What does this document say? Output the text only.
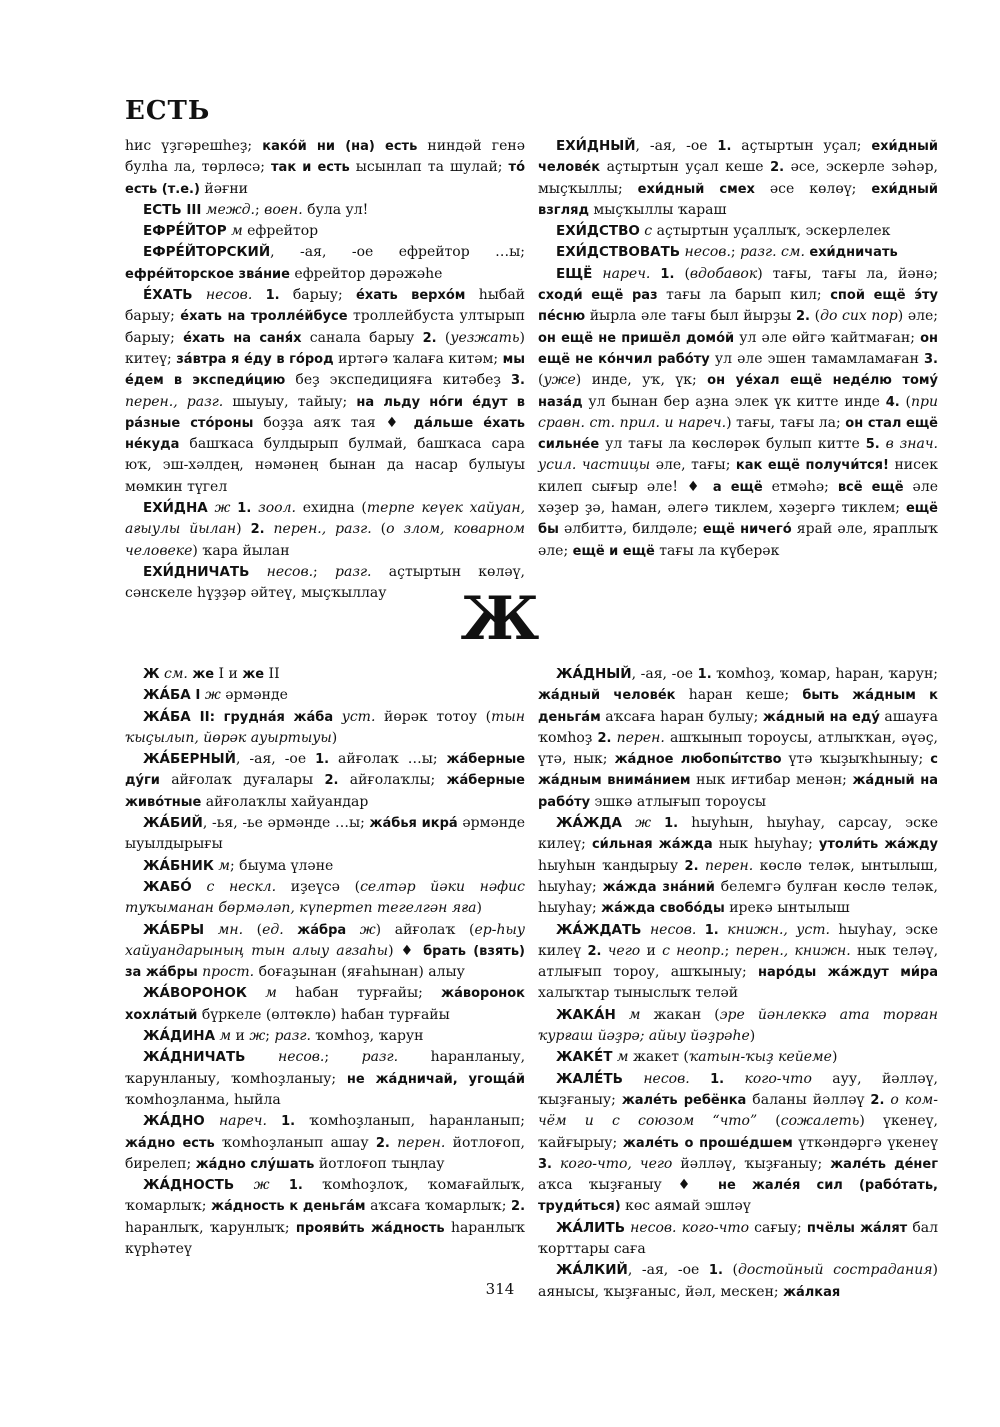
ЕСТЬ

һис үҙгәрешһеҙ; како́й ни (на) есть ниндәй генә булһа ла, төрлөсә; так и есть ысынлап та шулай; то́ есть (т.е.) йәғни

ЕСТЬ III межд.; воен. була ул!

ЕФРЕ́ЙТОР м ефрейтор

ЕФРЕ́ЙТОРСКИЙ, -ая, -ое ефрейтор …ы; ефре́йторское зва́ние ефрейтор дәрәжәһе

Е́ХАТЬ несов. 1. барыу; е́хать верхо́м һыбай барыу; е́хать на тролле́йбусе троллейбуста ултырып барыу; е́хать на саня́х санала барыу 2. (уезжать) китеү; за́втра я е́ду в го́род иртәгә ҡалаға китәм; мы е́дем в экспеди́цию беҙ экспедицияға китәбеҙ 3. перен., разг. шыуыу, тайыу; на льду но́ги е́дут в ра́зные сто́роны боҙҙа аяҡ тая ♦ да́льше е́хать не́куда башҡаса булдырып булмай, башҡаса сара юҡ, эш-хәлдең, нәмәнең бынан да насар булыуы мөмкин түгел

ЕХИ́ДНА ж 1. зоол. ехидна (терпе кеүек хайуан, ағыулы йылан) 2. перен., разг. (о злом, коварном человеке) ҡара йылан

ЕХИ́ДНИЧАТЬ несов.; разг. аҫтыртын көләү, сәнскеле һүҙҙәр әйтеү, мыҫҡыллау

ЕХИ́ДНЫЙ, -ая, -ое 1. аҫтыртын уҫал; ехи́дный челове́к аҫтыртын уҫал кеше 2. әсе, эскерле зәһәр, мыҫҡыллы; ехи́дный смех әсе көлөү; ехи́дный взгляд мыҫҡыллы ҡараш

ЕХИ́ДСТВО с аҫтыртын уҫаллыҡ, эскерлелек

ЕХИ́ДСТВОВАТЬ несов.; разг. см. ехи́дничать

ЕЩЁ нареч. 1. (вдобавок) тағы, тағы ла, йәнә; сходи́ ещё раз тағы ла барып кил; спой ещё э́ту пе́сню йырла әле тағы был йырҙы 2. (до сих пор) әле; он ещё не пришёл домо́й ул әле өйгә ҡайтмаған; он ещё не ко́нчил рабо́ту ул әле эшен тамамламаған 3. (уже) инде, уҡ, үк; он уе́хал ещё неде́лю тому́ наза́д ул бынан бер аҙна элек үк китте инде 4. (при сравн. ст. прил. и нареч.) тағы, тағы ла; он стал ещё сильне́е ул тағы ла көслөрәк булып китте 5. в знач. усил. частицы әле, тағы; как ещё получи́тся! нисек килеп сығыр әле! ♦ а ещё етмәһә; всё ещё әле хәҙер ҙә, һаман, әлегә тиклем, хәҙергә тиклем; ещё бы әлбиттә, билдәле; ещё ничего́ ярай әле, яраплыҡ әле; ещё и ещё тағы ла күберәк

Ж

Ж см. же I и же II

ЖА́БА I ж әрмәнде

ЖА́БА II: грудна́я жа́ба уст. йөрәк тотоу (тын ҡыҫылып, йөрәк ауыртыуы)

ЖА́БЕРНЫЙ, -ая, -ое 1. айғолаҡ …ы; жа́берные ду́ги айғолаҡ дуғалары 2. айғолаҡлы; жа́берные живо́тные айғолаҡлы хайуандар

ЖА́БИЙ, -ья, -ье әрмәнде …ы; жа́бья икра́ әрмәнде ыуылдырығы

ЖА́БНИК м; быума үләне

ЖАБО́ с нескл. иҙеүсә (селтәр йәки нәфис туҡыманан бөрмәләп, күпертеп тегелгән яға)

ЖА́БРЫ мн. (ед. жа́бра ж) айғолаҡ (ер-һыу хайуандарының тын алыу ағзаһы) ♦ брать (взять) за жа́бры прост. боғаҙынан (яғаһынан) алыу

ЖА́ВОРОНОК м һабан турғайы; жа́воронок хохла́тый бүркеле (өлтөклө) һабан турғайы

ЖА́ДИНА м и ж; разг. ҡомһоҙ, ҡарун

ЖА́ДНИЧАТЬ несов.; разг. һаранланыу, ҡарунланыу, ҡомһоҙланыу; не жа́дничай, угоща́й ҡомһоҙланма, һыйла

ЖА́ДНО нареч. 1. ҡомһоҙланып, һаранланып; жа́дно есть ҡомһоҙланып ашау 2. перен. йотлоғоп, бирелеп; жа́дно слу́шать йотлоғоп тыңлау

ЖА́ДНОСТЬ ж 1. ҡомһоҙлоҡ, ҡомағайлыҡ, ҡомарлыҡ; жа́дность к деньга́м аҡсаға ҡомарлыҡ; 2. һаранлыҡ, ҡарунлыҡ; прояви́ть жа́дность һаранлыҡ күрһәтеү

ЖА́ДНЫЙ, -ая, -ое 1. ҡомһоҙ, ҡомар, һаран, ҡарун; жа́дный челове́к һаран кеше; быть жа́дным к деньга́м аҡсаға һаран булыу; жа́дный на еду́ ашауға ҡомһоҙ 2. перен. ашҡынып тороусы, атлыҡҡан, әүәҫ, үтә, нык; жа́дное любопы́тство үтә ҡыҙыҡһыныу; с жа́дным внима́нием нык иғтибар менән; жа́дный на рабо́ту эшкә атлығып тороусы

ЖА́ЖДА ж 1. һыуһын, һыуһау, сарсау, эске килеү; си́льная жа́жда нык һыуһау; утоли́ть жа́жду һыуһын ҡандырыу 2. перен. көслө теләк, ынтылыш, һыуһау; жа́жда зна́ний белемгә булған көслө теләк, һыуһау; жа́жда свобо́ды ирекә ынтылыш

ЖА́ЖДАТЬ несов. 1. книжн., уст. һыуһау, эске килеү 2. чего и с неопр.; перен., книжн. нык теләү, атлығып тороу, ашҡыныу; наро́ды жа́ждут ми́ра халыҡтар тыныслыҡ теләй

ЖАКА́Н м жакан (эре йәнлеккә ата торған ҡурғаш йәҙрә; айыу йәҙрәһе)

ЖАКЕ́Т м жакет (ҡатын-ҡыҙ кейеме)

ЖАЛЕ́ТЬ несов. 1. кого-что ауу, йәлләү, ҡыҙғаныу; жале́ть ребёнка баланы йәлләү 2. о ком-чём и с союзом “что” (сожалеть) үкенеү, ҡайғырыу; жале́ть о проше́дшем үткәндәргә үкенеү 3. кого-что, чего йәлләү, ҡыҙғаныу; жале́ть де́нег аҡса ҡыҙғаныу ♦ не жале́я сил (рабо́тать, труди́ться) көс аямай эшләү

ЖА́ЛИТЬ несов. кого-что сағыу; пчёлы жа́лят бал ҡорттары саға

ЖА́ЛКИЙ, -ая, -ое 1. (достойный сострадания) аянысы, ҡыҙғаныс, йәл, мескен; жа́лкая

314
